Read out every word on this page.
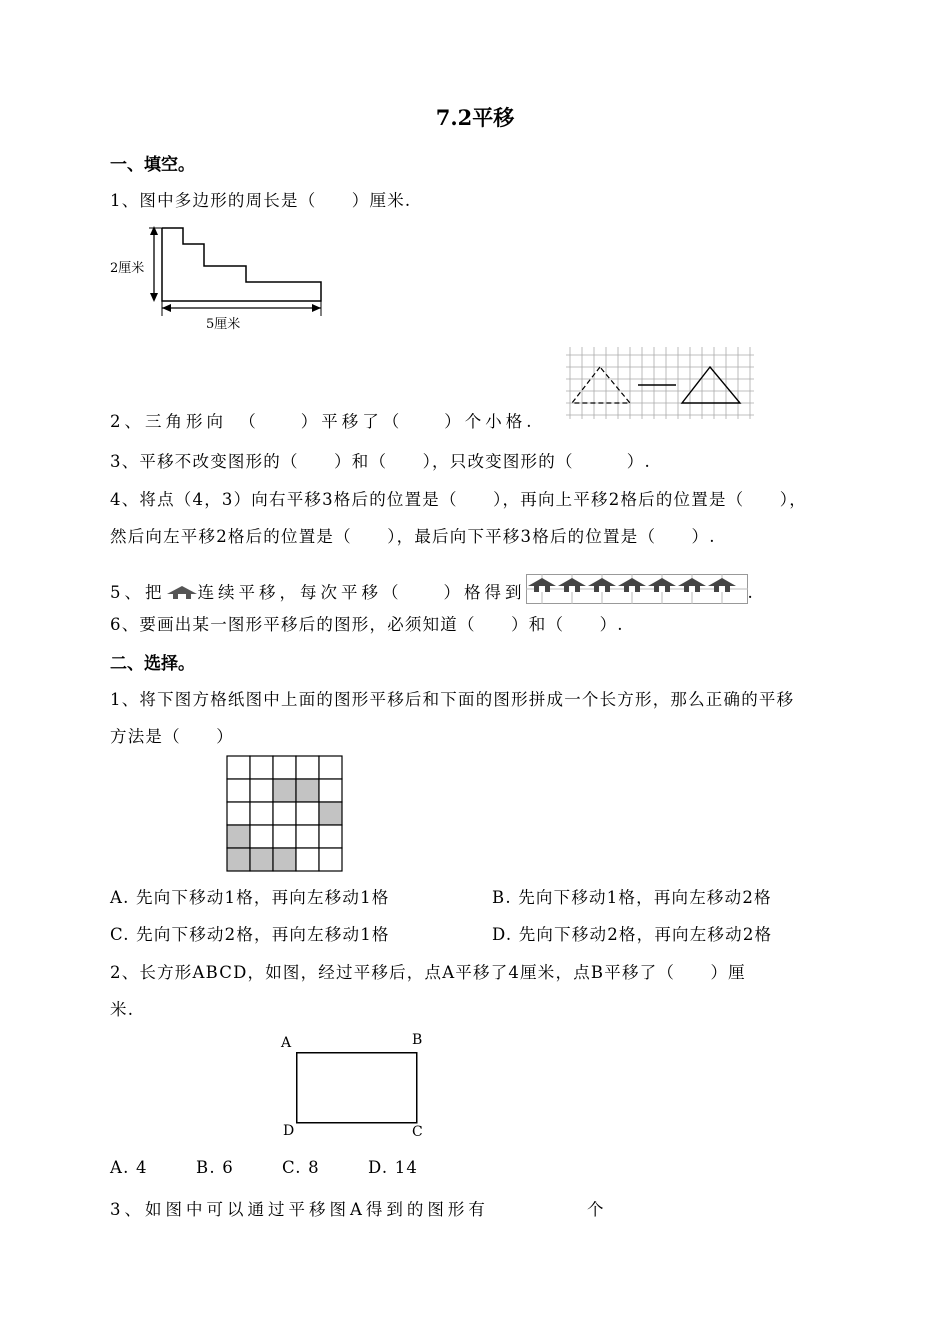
7.2平移
一、填空。
1、图中多边形的周长是（　　）厘米.
2厘米
5厘米
2、三角形向　（　　）平移了（　　）个小格.
3、平移不改变图形的（　　）和（　　），只改变图形的（　　　）.
4、将点（4，3）向右平移3格后的位置是（　　），再向上平移2格后的位置是（　　），
然后向左平移2格后的位置是（　　），最后向下平移3格后的位置是（　　）.
5、把 连续平移，每次平移（　　）格得到	.
6、要画出某一图形平移后的图形，必须知道（　　）和（　　）.
二、选择。
1、将下图方格纸图中上面的图形平移后和下面的图形拼成一个长方形，那么正确的平移
方法是（　　）
A. 先向下移动1格，再向左移动1格	B. 先向下移动1格，再向左移动2格
C. 先向下移动2格，再向左移动1格	D. 先向下移动2格，再向左移动2格
2、长方形ABCD，如图，经过平移后，点A平移了4厘米，点B平移了（　　）厘
米.
A	B
C
D
A. 4	B. 6	C. 8	D. 14
3、如图中可以通过平移图A得到的图形有	个
